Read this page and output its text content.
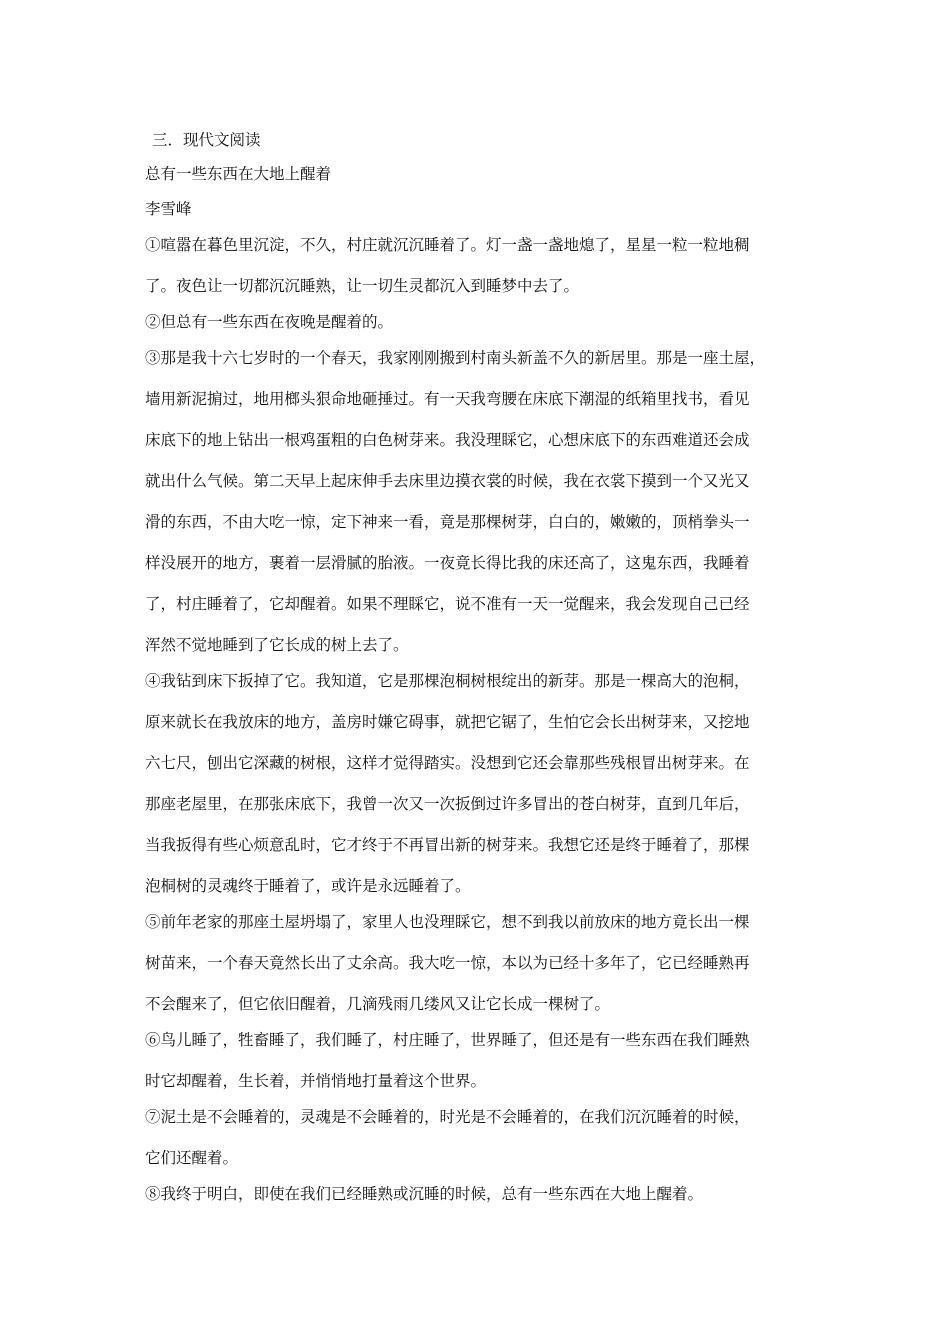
三．现代文阅读
总有一些东西在大地上醒着
李雪峰
①喧嚣在暮色里沉淀，不久，村庄就沉沉睡着了。灯一盏一盏地熄了，星星一粒一粒地稠
了。夜色让一切都沉沉睡熟，让一切生灵都沉入到睡梦中去了。
②但总有一些东西在夜晚是醒着的。
③那是我十六七岁时的一个春天，我家刚刚搬到村南头新盖不久的新居里。那是一座土屋，
墙用新泥掮过，地用榔头狠命地砸捶过。有一天我弯腰在床底下潮湿的纸箱里找书，看见
床底下的地上钻出一根鸡蛋粗的白色树芽来。我没理睬它，心想床底下的东西难道还会成
就出什么气候。第二天早上起床伸手去床里边摸衣裳的时候，我在衣裳下摸到一个又光又
滑的东西，不由大吃一惊，定下神来一看，竟是那棵树芽，白白的，嫩嫩的，顶梢拳头一
样没展开的地方，裹着一层滑腻的胎液。一夜竟长得比我的床还高了，这鬼东西，我睡着
了，村庄睡着了，它却醒着。如果不理睬它，说不准有一天一觉醒来，我会发现自己已经
浑然不觉地睡到了它长成的树上去了。
④我钻到床下扳掉了它。我知道，它是那棵泡桐树根绽出的新芽。那是一棵高大的泡桐，
原来就长在我放床的地方，盖房时嫌它碍事，就把它锯了，生怕它会长出树芽来，又挖地
六七尺，刨出它深藏的树根，这样才觉得踏实。没想到它还会靠那些残根冒出树芽来。在
那座老屋里，在那张床底下，我曾一次又一次扳倒过许多冒出的苍白树芽，直到几年后，
当我扳得有些心烦意乱时，它才终于不再冒出新的树芽来。我想它还是终于睡着了，那棵
泡桐树的灵魂终于睡着了，或许是永远睡着了。
⑤前年老家的那座土屋坍塌了，家里人也没理睬它，想不到我以前放床的地方竟长出一棵
树苗来，一个春天竟然长出了丈余高。我大吃一惊，本以为已经十多年了，它已经睡熟再
不会醒来了，但它依旧醒着，几滴残雨几缕风又让它长成一棵树了。
⑥鸟儿睡了，牲畜睡了，我们睡了，村庄睡了，世界睡了，但还是有一些东西在我们睡熟
时它却醒着，生长着，并悄悄地打量着这个世界。
⑦泥土是不会睡着的，灵魂是不会睡着的，时光是不会睡着的，在我们沉沉睡着的时候，
它们还醒着。
⑧我终于明白，即使在我们已经睡熟或沉睡的时候，总有一些东西在大地上醒着。
